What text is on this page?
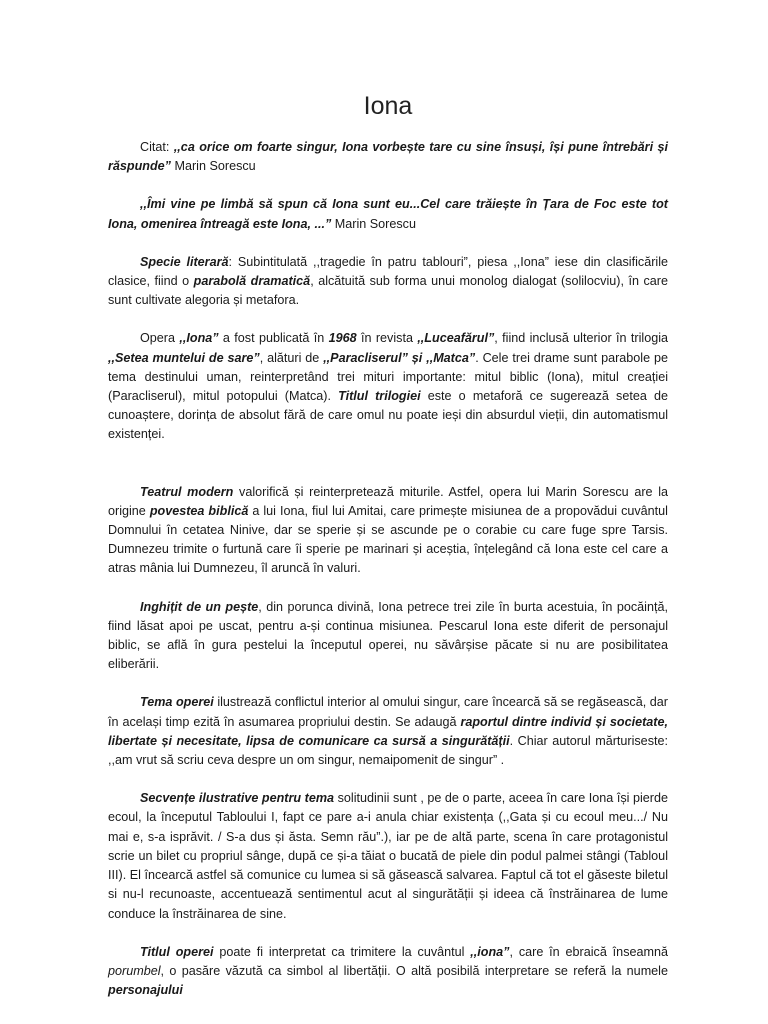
Iona

Citat: ,,ca orice om foarte singur, Iona vorbește tare cu sine însuși, își pune întrebări și răspunde” Marin Sorescu

,,Îmi vine pe limbă să spun că Iona sunt eu...Cel care trăiește în Țara de Foc este tot Iona, omenirea întreagă este Iona, ...” Marin Sorescu

Specie literară: Subintitulată ,,tragedie în patru tablouri”, piesa ,,Iona” iese din clasificările clasice, fiind o parabolă dramatică, alcătuită sub forma unui monolog dialogat (solilocviu), în care sunt cultivate alegoria și metafora.

Opera ,,Iona” a fost publicată în 1968 în revista ,,Luceafărul”, fiind inclusă ulterior în trilogia ,,Setea muntelui de sare”, alături de ,,Paracliserul” și ,,Matca”. Cele trei drame sunt parabole pe tema destinului uman, reinterpretând trei mituri importante: mitul biblic (Iona), mitul creației (Paracliserul), mitul potopului (Matca). Titlul trilogiei este o metaforă ce sugerează setea de cunoaștere, dorința de absolut fără de care omul nu poate ieși din absurdul vieții, din automatismul existenței.

Teatrul modern valorifică și reinterpretează miturile. Astfel, opera lui Marin Sorescu are la origine povestea biblică a lui Iona, fiul lui Amitai, care primește misiunea de a propovădui cuvântul Domnului în cetatea Ninive, dar se sperie și se ascunde pe o corabie cu care fuge spre Tarsis. Dumnezeu trimite o furtună care îi sperie pe marinari și aceștia, înțelegând că Iona este cel care a atras mânia lui Dumnezeu, îl aruncă în valuri.

Inghițit de un pește, din porunca divină, Iona petrece trei zile în burta acestuia, în pocăință, fiind lăsat apoi pe uscat, pentru a-și continua misiunea. Pescarul Iona este diferit de personajul biblic, se află în gura pestelui la începutul operei, nu săvârșise păcate si nu are posibilitatea eliberării.

Tema operei ilustrează conflictul interior al omului singur, care încearcă să se regăsească, dar în același timp ezită în asumarea propriului destin. Se adaugă raportul dintre individ și societate, libertate și necesitate, lipsa de comunicare ca sursă a singurătății. Chiar autorul mărturiseste: ,,am vrut să scriu ceva despre un om singur, nemaipomenit de singur” .

Secvențe ilustrative pentru tema solitudinii sunt , pe de o parte, aceea în care Iona își pierde ecoul, la începutul Tabloului I, fapt ce pare a-i anula chiar existența (,,Gata și cu ecoul meu.../ Nu mai e, s-a isprăvit. / S-a dus și ăsta. Semn rău”.), iar pe de altă parte, scena în care protagonistul scrie un bilet cu propriul sânge, după ce și-a tăiat o bucată de piele din podul palmei stângi (Tabloul III). El încearcă astfel să comunice cu lumea si să găsească salvarea. Faptul că tot el găseste biletul si nu-l recunoaste, accentuează sentimentul acut al singurătății și ideea că înstrăinarea de lume conduce la înstrăinarea de sine.

Titlul operei poate fi interpretat ca trimitere la cuvântul ,,iona”, care în ebraică înseamnă porumbel, o pasăre văzută ca simbol al libertății. O altă posibilă interpretare se referă la numele personajului
